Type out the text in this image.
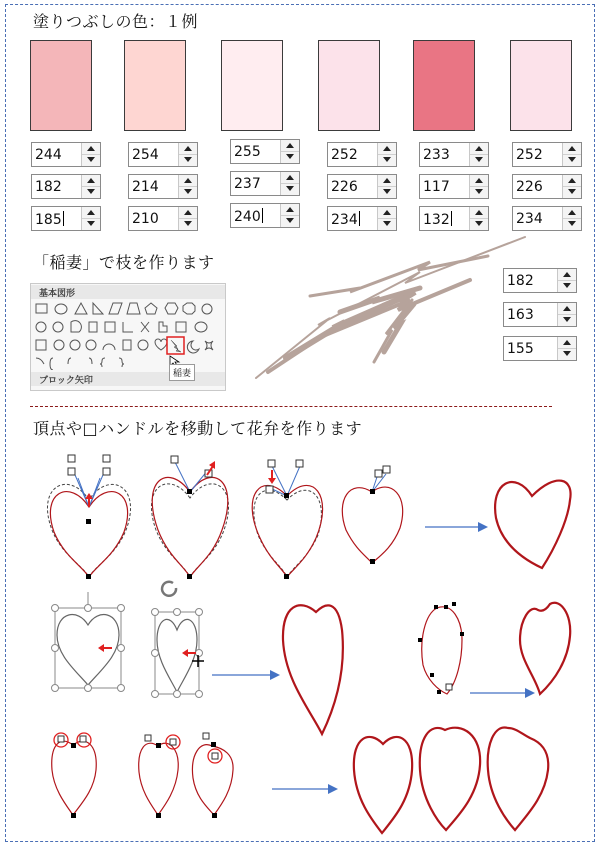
塗りつぶしの色：１例
244
182
185
254
214
210
255
237
240
252
226
234
233
117
132
252
226
234
「稲妻」で枝を作ります
基本図形
ブロック矢印
稲妻
182
163
155
頂点や□ハンドルを移動して花弁を作ります
